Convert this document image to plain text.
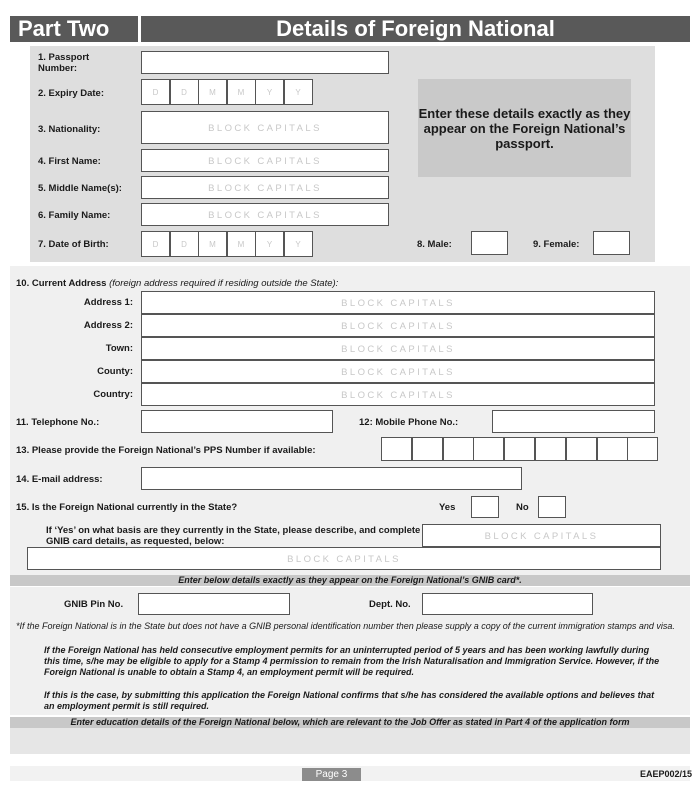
Part Two	Details of Foreign National
1. Passport
Number:
2. Expiry Date:	D	D	M	M	Y	Y
3. Nationality:	BLOCK CAPITALS
4. First Name:	BLOCK CAPITALS
5. Middle Name(s):	BLOCK CAPITALS
6. Family Name:	BLOCK CAPITALS
7. Date of Birth:	D	D	M	M	Y	Y	8. Male:	9. Female:
Enter these details exactly as they appear on the Foreign National’s passport.
10. Current Address (foreign address required if residing outside the State):
Address 1:	BLOCK CAPITALS
Address 2:	BLOCK CAPITALS
Town:	BLOCK CAPITALS
County:	BLOCK CAPITALS
Country:	BLOCK CAPITALS
11. Telephone No.:	12: Mobile Phone No.:
13. Please provide the Foreign National’s PPS Number if available:
14. E-mail address:
15. Is the Foreign National currently in the State?	Yes	No
If ‘Yes’ on what basis are they currently in the State, please describe, and complete GNIB card details, as requested, below:	BLOCK CAPITALS
BLOCK CAPITALS
Enter below details exactly as they appear on the Foreign National’s GNIB card*.
GNIB Pin No.	Dept. No.
*If the Foreign National is in the State but does not have a GNIB personal identification number then please supply a copy of the current immigration stamps and visa.
If the Foreign National has held consecutive employment permits for an uninterrupted period of 5 years and has been working lawfully during this time, s/he may be eligible to apply for a Stamp 4 permission to remain from the Irish Naturalisation and Immigration Service. However, if the Foreign National is unable to obtain a Stamp 4, an employment permit will be required.
If this is the case, by submitting this application the Foreign National confirms that s/he has considered the available options and believes that an employment permit is still required.
Enter education details of the Foreign National below, which are relevant to the Job Offer as stated in Part 4 of the application form
Page 3	EAEP002/15
